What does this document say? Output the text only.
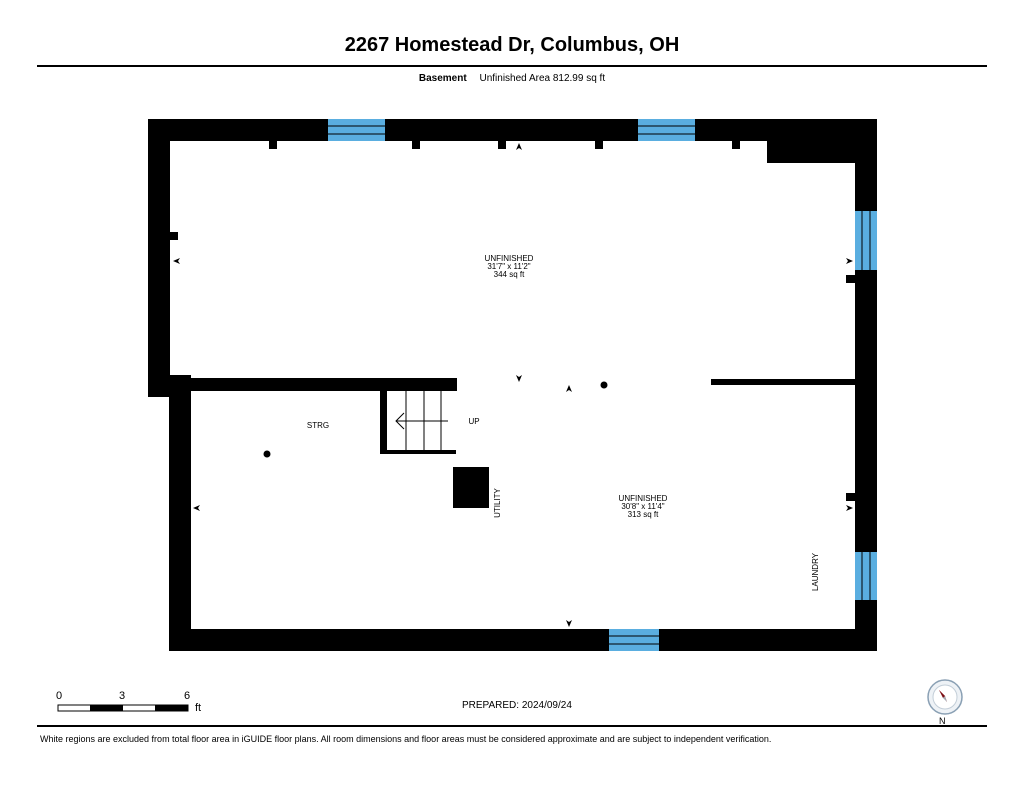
2267 Homestead Dr, Columbus, OH
Basement Unfinished Area 812.99 sq ft
UNFINISHED
31'7" x 11'2"
344 sq ft
UNFINISHED
30'8" x 11'4"
313 sq ft
STRG	UP
UTILITY
LAUNDRY
0	3	6
ft	PREPARED: 2024/09/24
White regions are excluded from total floor area in iGUIDE floor plans. All room dimensions and floor areas must be considered approximate and are subject to independent verification.
N
